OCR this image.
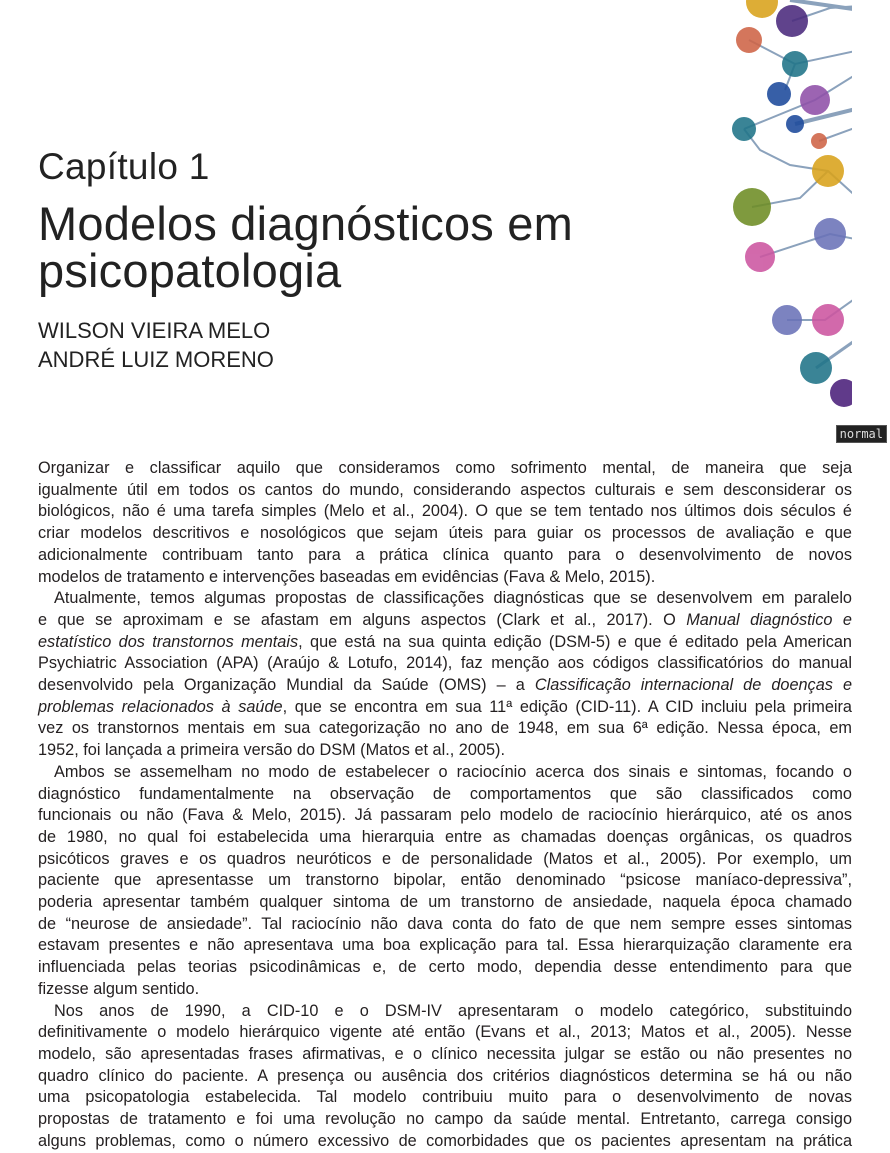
Capítulo 1
Modelos diagnósticos em
psicopatologia
WILSON VIEIRA MELO
ANDRÉ LUIZ MORENO
Organizar e classificar aquilo que consideramos como sofrimento mental, de maneira que seja
igualmente útil em todos os cantos do mundo, considerando aspectos culturais e sem desconsiderar os
biológicos, não é uma tarefa simples (Melo et al., 2004). O que se tem tentado nos últimos dois séculos é
criar modelos descritivos e nosológicos que sejam úteis para guiar os processos de avaliação e que
adicionalmente contribuam tanto para a prática clínica quanto para o desenvolvimento de novos
modelos de tratamento e intervenções baseadas em evidências (Fava & Melo, 2015).
Atualmente, temos algumas propostas de classificações diagnósticas que se desenvolvem em paralelo
e que se aproximam e se afastam em alguns aspectos (Clark et al., 2017). O Manual diagnóstico e
estatístico dos transtornos mentais, que está na sua quinta edição (DSM-5) e que é editado pela American
Psychiatric Association (APA) (Araújo & Lotufo, 2014), faz menção aos códigos classificatórios do manual
desenvolvido pela Organização Mundial da Saúde (OMS) – a Classificação internacional de doenças e
problemas relacionados à saúde, que se encontra em sua 11ª edição (CID-11). A CID incluiu pela primeira
vez os transtornos mentais em sua categorização no ano de 1948, em sua 6ª edição. Nessa época, em
1952, foi lançada a primeira versão do DSM (Matos et al., 2005).
Ambos se assemelham no modo de estabelecer o raciocínio acerca dos sinais e sintomas, focando o
diagnóstico fundamentalmente na observação de comportamentos que são classificados como
funcionais ou não (Fava & Melo, 2015). Já passaram pelo modelo de raciocínio hierárquico, até os anos
de 1980, no qual foi estabelecida uma hierarquia entre as chamadas doenças orgânicas, os quadros
psicóticos graves e os quadros neuróticos e de personalidade (Matos et al., 2005). Por exemplo, um
paciente que apresentasse um transtorno bipolar, então denominado “psicose maníaco-depressiva”,
poderia apresentar também qualquer sintoma de um transtorno de ansiedade, naquela época chamado
de “neurose de ansiedade”. Tal raciocínio não dava conta do fato de que nem sempre esses sintomas
estavam presentes e não apresentava uma boa explicação para tal. Essa hierarquização claramente era
influenciada pelas teorias psicodinâmicas e, de certo modo, dependia desse entendimento para que
fizesse algum sentido.
Nos anos de 1990, a CID-10 e o DSM-IV apresentaram o modelo categórico, substituindo
definitivamente o modelo hierárquico vigente até então (Evans et al., 2013; Matos et al., 2005). Nesse
modelo, são apresentadas frases afirmativas, e o clínico necessita julgar se estão ou não presentes no
quadro clínico do paciente. A presença ou ausência dos critérios diagnósticos determina se há ou não
uma psicopatologia estabelecida. Tal modelo contribuiu muito para o desenvolvimento de novas
propostas de tratamento e foi uma revolução no campo da saúde mental. Entretanto, carrega consigo
alguns problemas, como o número excessivo de comorbidades que os pacientes apresentam na prática
normal
